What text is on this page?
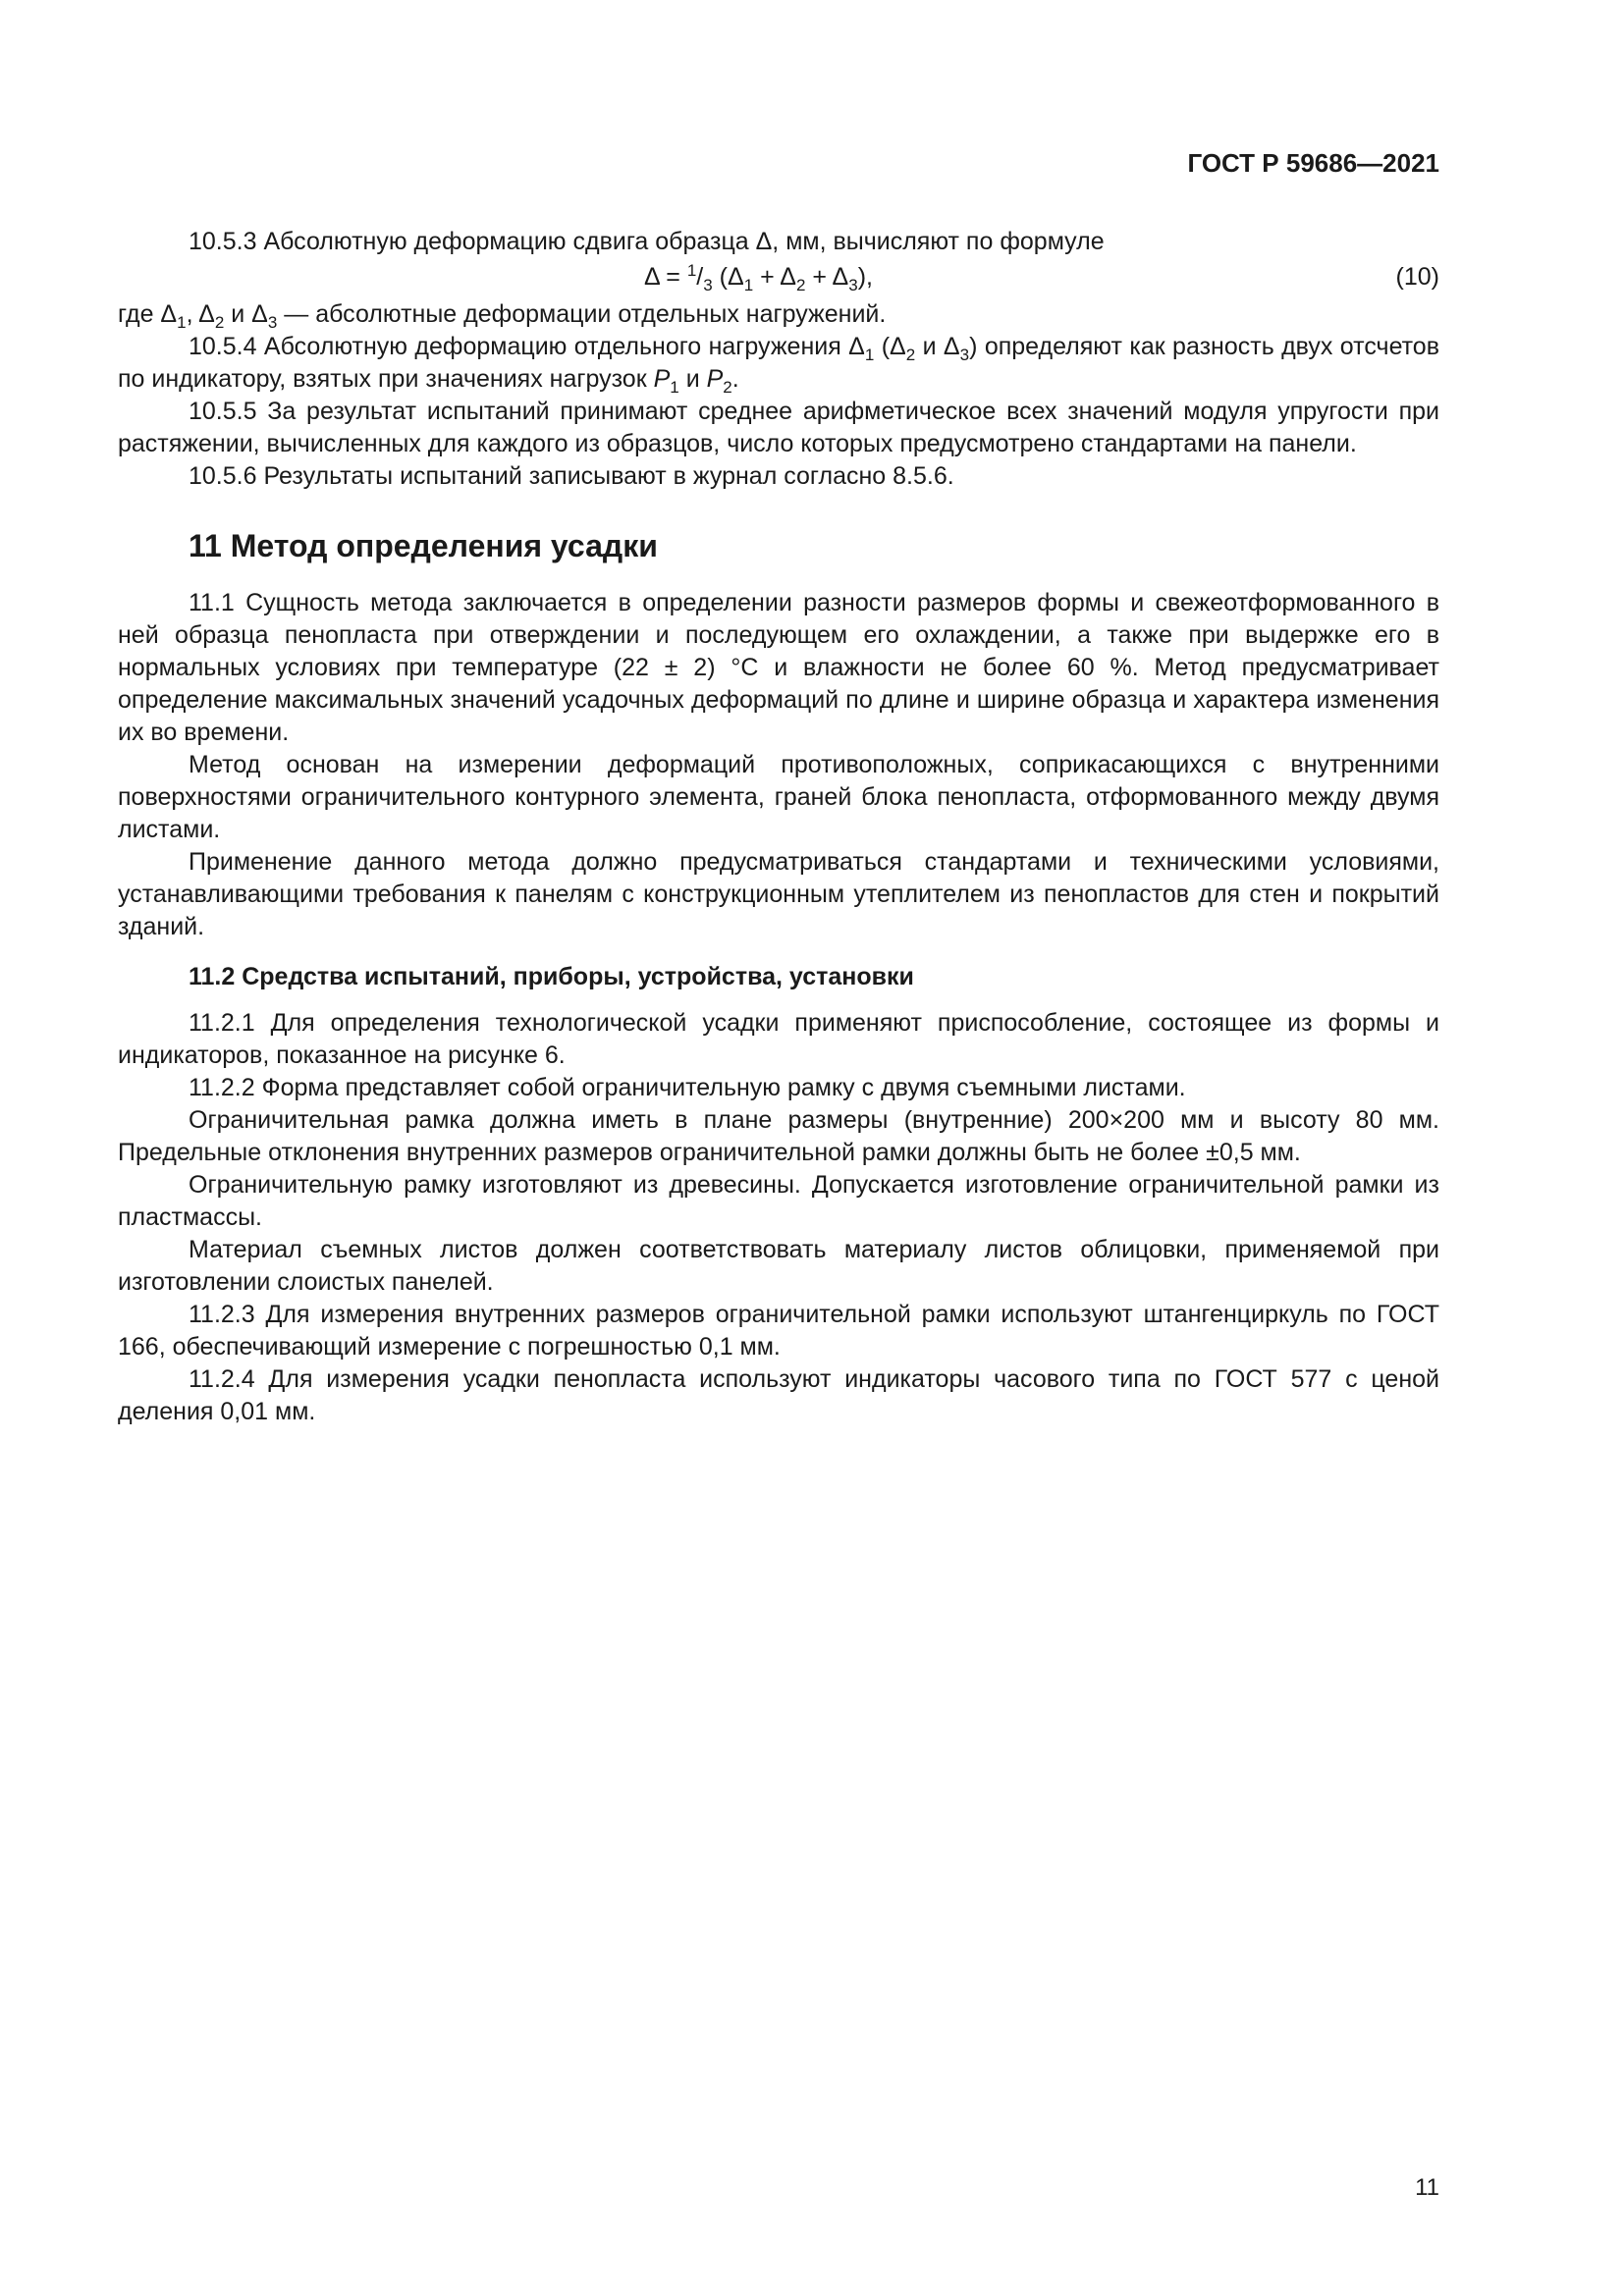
ГОСТ Р 59686—2021

10.5.3 Абсолютную деформацию сдвига образца Δ, мм, вычисляют по формуле

$\Delta = ^1/_3$ $(\Delta_1 + \Delta_2 + \Delta_3)$,	(10)

где $\Delta_1$, $\Delta_2$ и $\Delta_3$ — абсолютные деформации отдельных нагружений.

10.5.4 Абсолютную деформацию отдельного нагружения $\Delta_1$ ($\Delta_2$ и $\Delta_3$) определяют как разность двух отсчетов по индикатору, взятых при значениях нагрузок $P_1$ и $P_2$.

10.5.5 За результат испытаний принимают среднее арифметическое всех значений модуля упругости при растяжении, вычисленных для каждого из образцов, число которых предусмотрено стандартами на панели.

10.5.6 Результаты испытаний записывают в журнал согласно 8.5.6.

11 Метод определения усадки

11.1 Сущность метода заключается в определении разности размеров формы и свежеотформованного в ней образца пенопласта при отверждении и последующем его охлаждении, а также при выдержке его в нормальных условиях при температуре (22 ± 2) °С и влажности не более 60 %. Метод предусматривает определение максимальных значений усадочных деформаций по длине и ширине образца и характера изменения их во времени.

Метод основан на измерении деформаций противоположных, соприкасающихся с внутренними поверхностями ограничительного контурного элемента, граней блока пенопласта, отформованного между двумя листами.

Применение данного метода должно предусматриваться стандартами и техническими условиями, устанавливающими требования к панелям с конструкционным утеплителем из пенопластов для стен и покрытий зданий.

11.2 Средства испытаний, приборы, устройства, установки

11.2.1 Для определения технологической усадки применяют приспособление, состоящее из формы и индикаторов, показанное на рисунке 6.

11.2.2 Форма представляет собой ограничительную рамку с двумя съемными листами.

Ограничительная рамка должна иметь в плане размеры (внутренние) 200×200 мм и высоту 80 мм. Предельные отклонения внутренних размеров ограничительной рамки должны быть не более ±0,5 мм.

Ограничительную рамку изготовляют из древесины. Допускается изготовление ограничительной рамки из пластмассы.

Материал съемных листов должен соответствовать материалу листов облицовки, применяемой при изготовлении слоистых панелей.

11.2.3 Для измерения внутренних размеров ограничительной рамки используют штангенциркуль по ГОСТ 166, обеспечивающий измерение с погрешностью 0,1 мм.

11.2.4 Для измерения усадки пенопласта используют индикаторы часового типа по ГОСТ 577 с ценой деления 0,01 мм.

11
